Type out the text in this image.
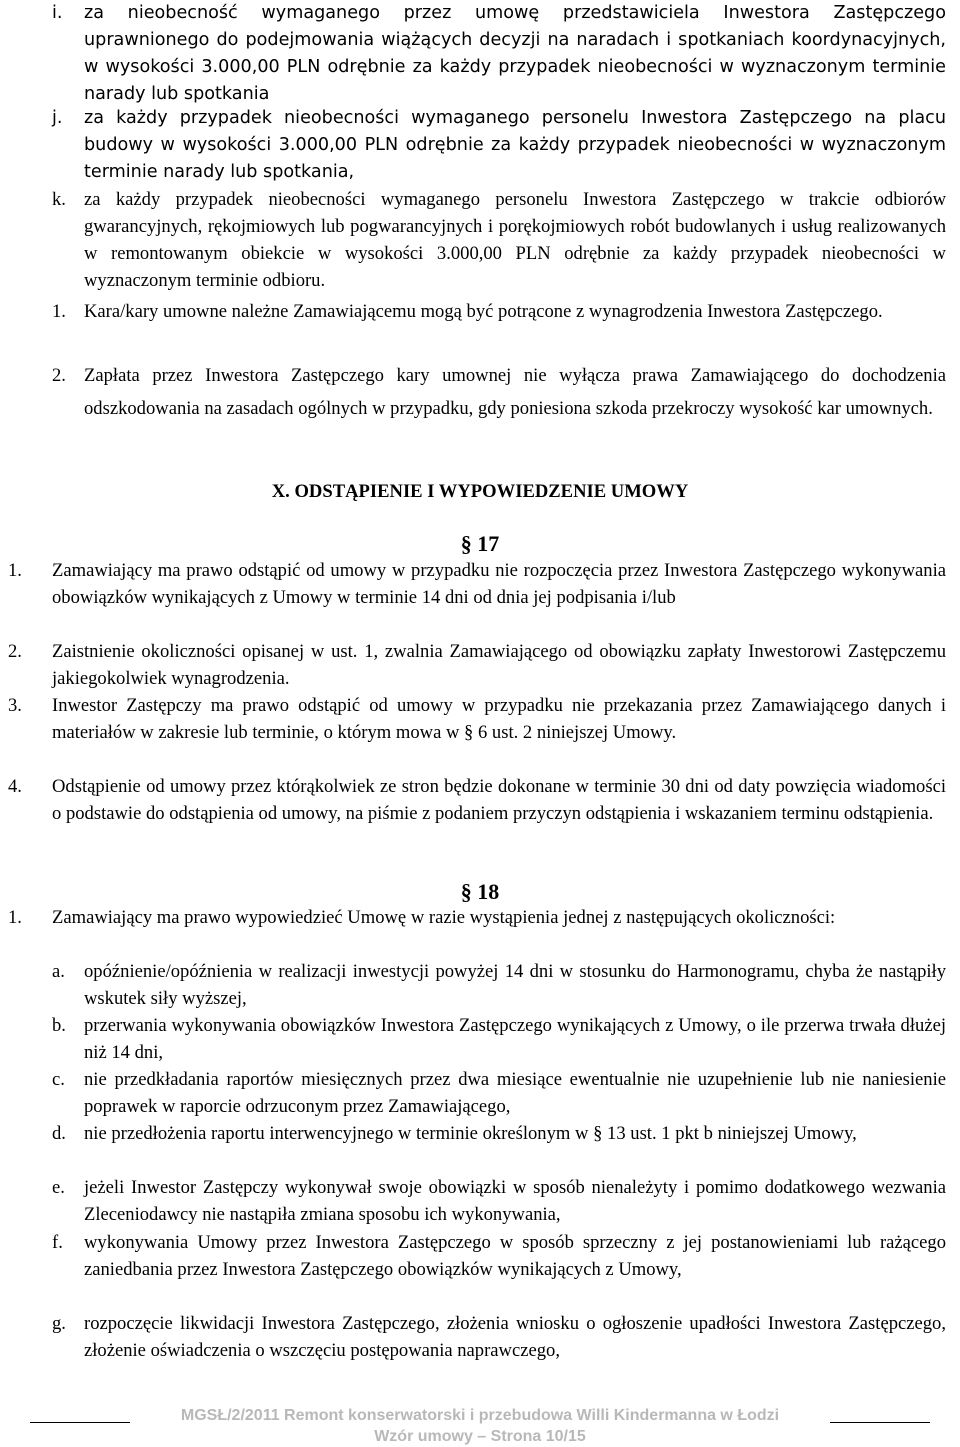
i. za nieobecność wymaganego przez umowę przedstawiciela Inwestora Zastępczego uprawnionego do podejmowania wiążących decyzji na naradach i spotkaniach koordynacyjnych, w wysokości 3.000,00 PLN odrębnie za każdy przypadek nieobecności w wyznaczonym terminie narady lub spotkania
j. za każdy przypadek nieobecności wymaganego personelu Inwestora Zastępczego na placu budowy w wysokości 3.000,00 PLN odrębnie za każdy przypadek nieobecności w wyznaczonym terminie narady lub spotkania,
k. za każdy przypadek nieobecności wymaganego personelu Inwestora Zastępczego w trakcie odbiorów gwarancyjnych, rękojmiowych lub pogwarancyjnych i porękojmiowych robót budowlanych i usług realizowanych w remontowanym obiekcie w wysokości 3.000,00 PLN odrębnie za każdy przypadek nieobecności w wyznaczonym terminie odbioru.
1. Kara/kary umowne należne Zamawiającemu mogą być potrącone z wynagrodzenia Inwestora Zastępczego.
2. Zapłata przez Inwestora Zastępczego kary umownej nie wyłącza prawa Zamawiającego do dochodzenia odszkodowania na zasadach ogólnych w przypadku, gdy poniesiona szkoda przekroczy wysokość kar umownych.
X. ODSTĄPIENIE I WYPOWIEDZENIE UMOWY
§ 17
1. Zamawiający ma prawo odstąpić od umowy w przypadku nie rozpoczęcia przez Inwestora Zastępczego wykonywania obowiązków wynikających z Umowy w terminie 14 dni od dnia jej podpisania i/lub
2. Zaistnienie okoliczności opisanej w ust. 1, zwalnia Zamawiającego od obowiązku zapłaty Inwestorowi Zastępczemu jakiegokolwiek wynagrodzenia.
3. Inwestor Zastępczy ma prawo odstąpić od umowy w przypadku nie przekazania przez Zamawiającego danych i materiałów w zakresie lub terminie, o którym mowa w § 6 ust. 2 niniejszej Umowy.
4. Odstąpienie od umowy przez którąkolwiek ze stron będzie dokonane w terminie 30 dni od daty powzięcia wiadomości o podstawie do odstąpienia od umowy, na piśmie z podaniem przyczyn odstąpienia i wskazaniem terminu odstąpienia.
§ 18
1. Zamawiający ma prawo wypowiedzieć Umowę w razie wystąpienia jednej z następujących okoliczności:
a. opóźnienie/opóźnienia w realizacji inwestycji powyżej 14 dni w stosunku do Harmonogramu, chyba że nastąpiły wskutek siły wyższej,
b. przerwania wykonywania obowiązków Inwestora Zastępczego wynikających z Umowy, o ile przerwa trwała dłużej niż 14 dni,
c. nie przedkładania raportów miesięcznych przez dwa miesiące ewentualnie nie uzupełnienie lub nie naniesienie poprawek w raporcie odrzuconym przez Zamawiającego,
d. nie przedłożenia raportu interwencyjnego w terminie określonym w § 13 ust. 1 pkt b niniejszej Umowy,
e. jeżeli Inwestor Zastępczy wykonywał swoje obowiązki w sposób nienależyty i pomimo dodatkowego wezwania Zleceniodawcy nie nastąpiła zmiana sposobu ich wykonywania,
f. wykonywania Umowy przez Inwestora Zastępczego w sposób sprzeczny z jej postanowieniami lub rażącego zaniedbania przez Inwestora Zastępczego obowiązków wynikających z Umowy,
g. rozpoczęcie likwidacji Inwestora Zastępczego, złożenia wniosku o ogłoszenie upadłości Inwestora Zastępczego, złożenie oświadczenia o wszczęciu postępowania naprawczego,
MGSŁ/2/2011 Remont konserwatorski i przebudowa Willi Kindermanna w Łodzi
Wzór umowy – Strona 10/15
